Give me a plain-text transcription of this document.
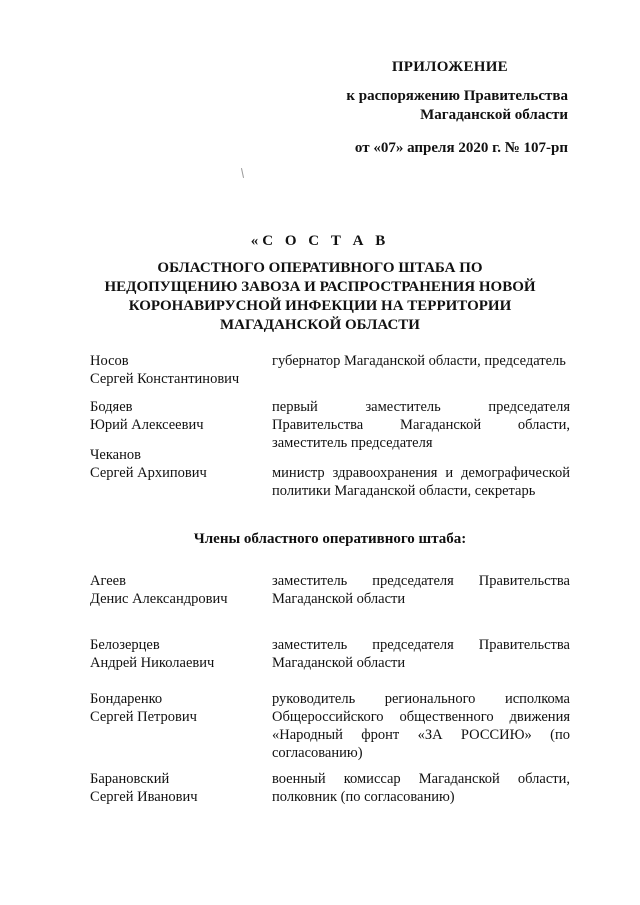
ПРИЛОЖЕНИЕ
к распоряжению Правительства
Магаданской области
от «07» апреля 2020 г. № 107-рп
«С О С Т А В
ОБЛАСТНОГО ОПЕРАТИВНОГО ШТАБА ПО
НЕДОПУЩЕНИЮ ЗАВОЗА И РАСПРОСТРАНЕНИЯ НОВОЙ
КОРОНАВИРУСНОЙ ИНФЕКЦИИ НА ТЕРРИТОРИИ
МАГАДАНСКОЙ ОБЛАСТИ
Носов
Сергей Константинович
губернатор Магаданской области, председатель
Бодяев
Юрий Алексеевич
первый заместитель председателя Правительства Магаданской области, заместитель председателя
Чеканов
Сергей Архипович	министр здравоохранения и демографической политики Магаданской области, секретарь
Члены областного оперативного штаба:
Агеев
Денис Александрович
заместитель председателя Правительства Магаданской области
Белозерцев
Андрей Николаевич
заместитель председателя Правительства Магаданской области
Бондаренко
Сергей Петрович
руководитель регионального исполкома Общероссийского общественного движения «Народный фронт «ЗА РОССИЮ» (по согласованию)
Барановский
Сергей Иванович
военный комиссар Магаданской области, полковник (по согласованию)
